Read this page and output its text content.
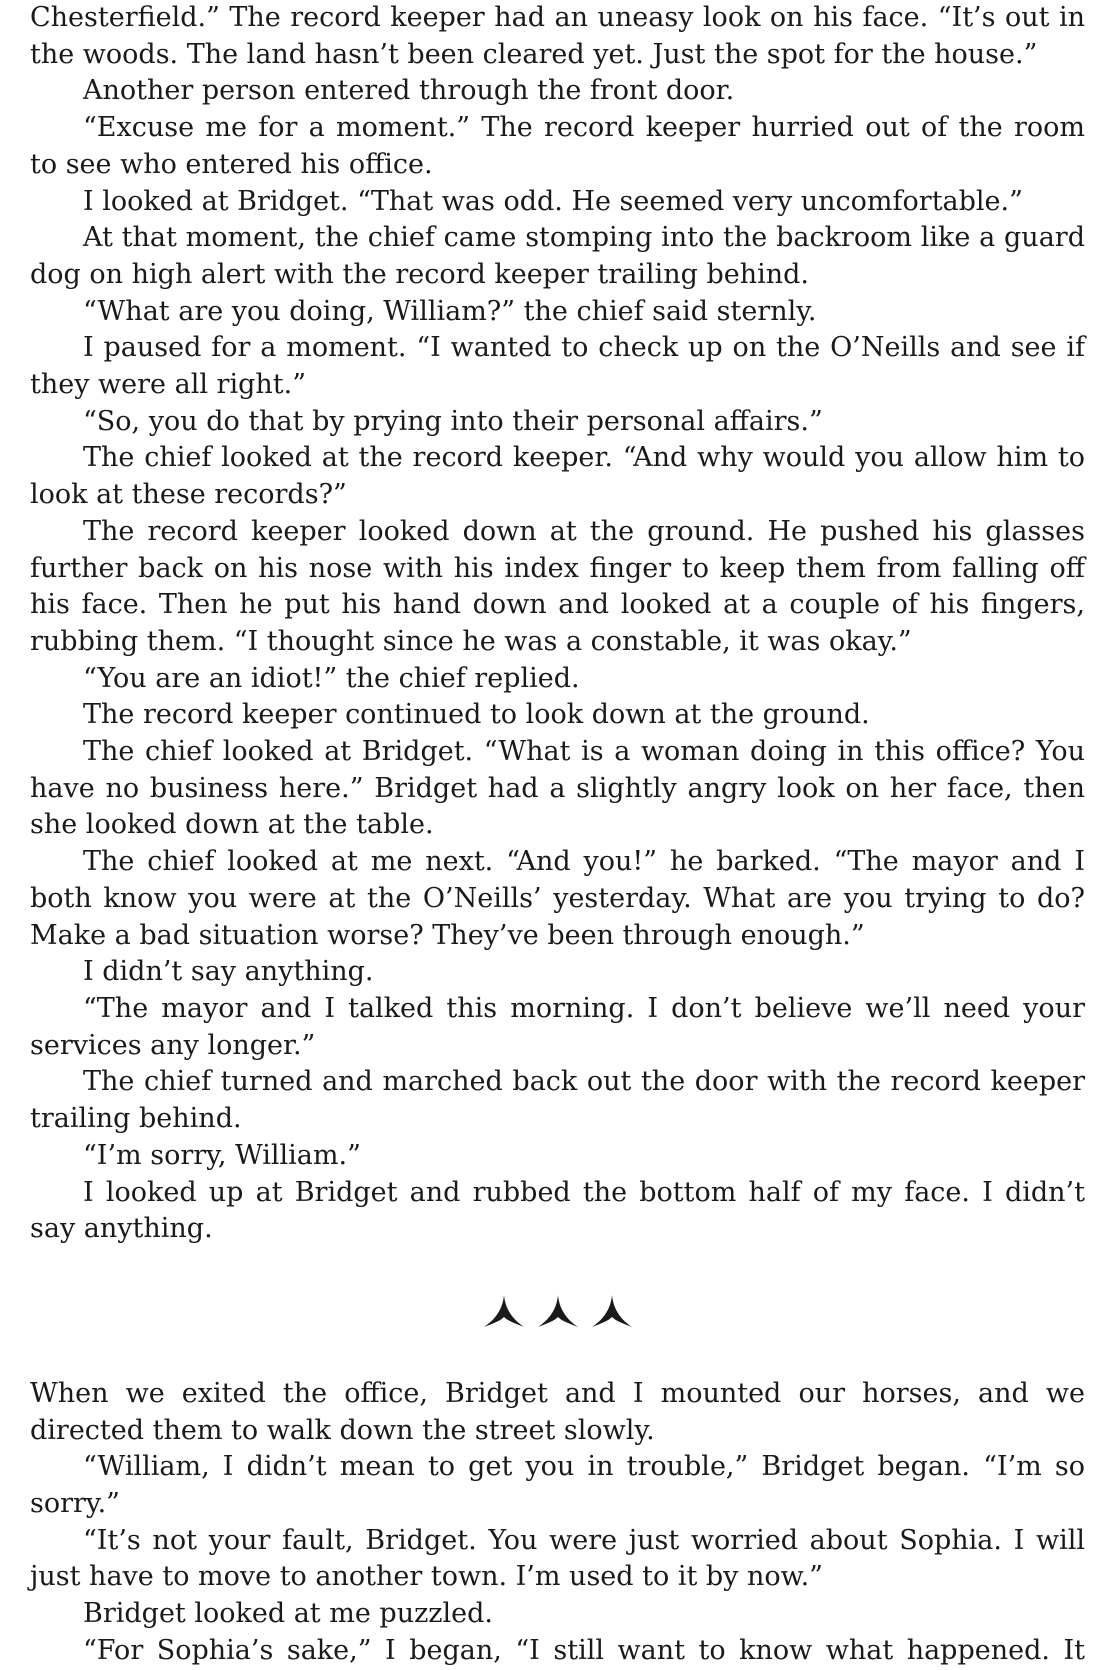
Chesterfield.” The record keeper had an uneasy look on his face. “It’s out in the woods. The land hasn’t been cleared yet. Just the spot for the house.”

Another person entered through the front door.

“Excuse me for a moment.” The record keeper hurried out of the room to see who entered his office.

I looked at Bridget. “That was odd. He seemed very uncomfortable.”

At that moment, the chief came stomping into the backroom like a guard dog on high alert with the record keeper trailing behind.

“What are you doing, William?” the chief said sternly.

I paused for a moment. “I wanted to check up on the O’Neills and see if they were all right.”

“So, you do that by prying into their personal affairs.”

The chief looked at the record keeper. “And why would you allow him to look at these records?”

The record keeper looked down at the ground. He pushed his glasses further back on his nose with his index finger to keep them from falling off his face. Then he put his hand down and looked at a couple of his fingers, rubbing them. “I thought since he was a constable, it was okay.”

“You are an idiot!” the chief replied.

The record keeper continued to look down at the ground.

The chief looked at Bridget. “What is a woman doing in this office? You have no business here.” Bridget had a slightly angry look on her face, then she looked down at the table.

The chief looked at me next. “And you!” he barked. “The mayor and I both know you were at the O’Neills’ yesterday. What are you trying to do? Make a bad situation worse? They’ve been through enough.”

I didn’t say anything.

“The mayor and I talked this morning. I don’t believe we’ll need your services any longer.”

The chief turned and marched back out the door with the record keeper trailing behind.

“I’m sorry, William.”

I looked up at Bridget and rubbed the bottom half of my face. I didn’t say anything.

When we exited the office, Bridget and I mounted our horses, and we directed them to walk down the street slowly.

“William, I didn’t mean to get you in trouble,” Bridget began. “I’m so sorry.”

“It’s not your fault, Bridget. You were just worried about Sophia. I will just have to move to another town. I’m used to it by now.”

Bridget looked at me puzzled.

“For Sophia’s sake,” I began, “I still want to know what happened. It
